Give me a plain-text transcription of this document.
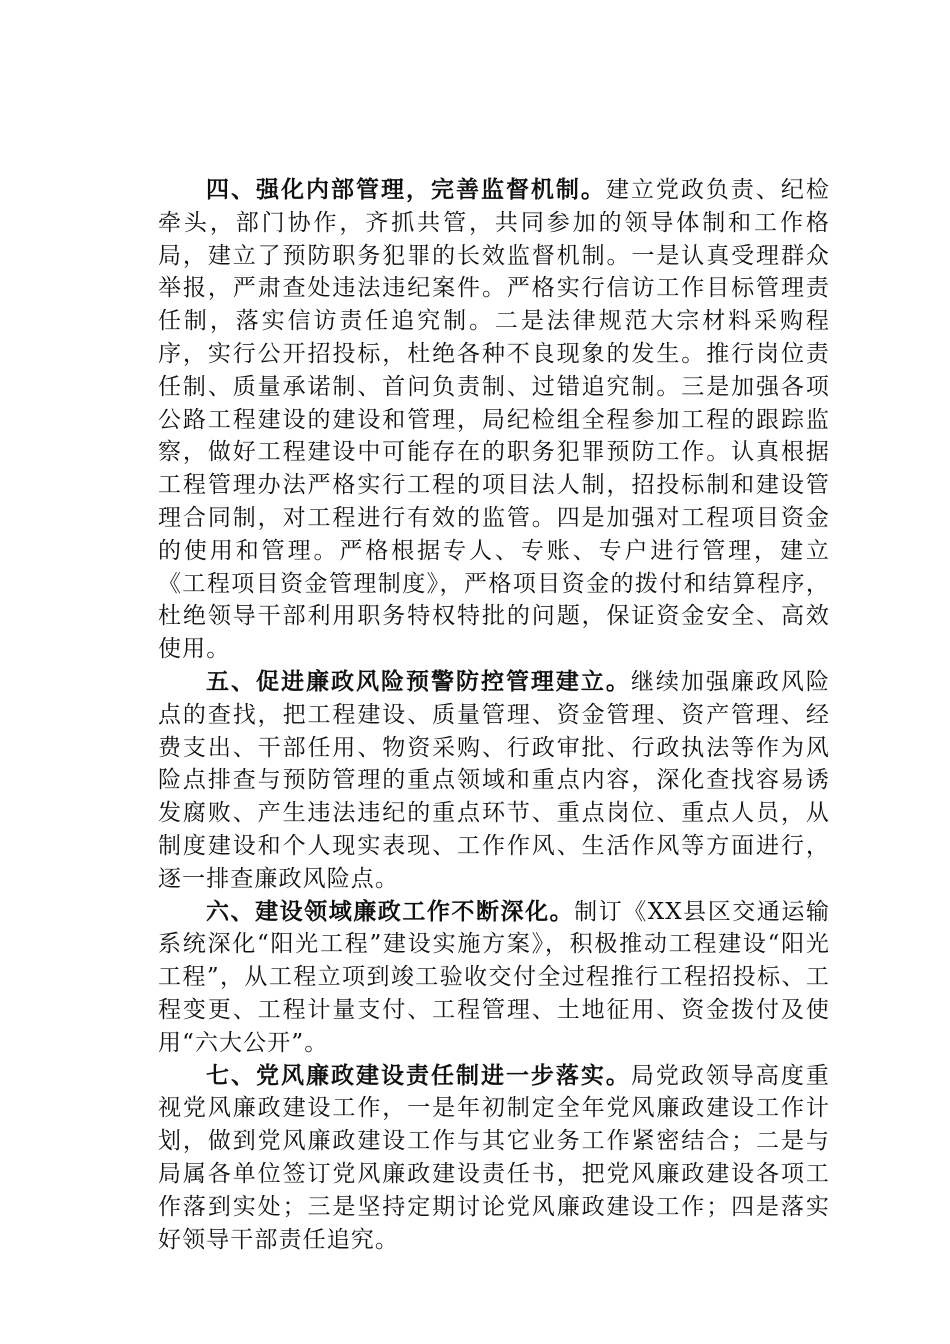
四、强化内部管理，完善监督机制。建立党政负责、纪检牵头，部门协作，齐抓共管，共同参加的领导体制和工作格局，建立了预防职务犯罪的长效监督机制。一是认真受理群众举报，严肃查处违法违纪案件。严格实行信访工作目标管理责任制，落实信访责任追究制。二是法律规范大宗材料采购程序，实行公开招投标，杜绝各种不良现象的发生。推行岗位责任制、质量承诺制、首问负责制、过错追究制。三是加强各项公路工程建设的建设和管理，局纪检组全程参加工程的跟踪监察，做好工程建设中可能存在的职务犯罪预防工作。认真根据工程管理办法严格实行工程的项目法人制，招投标制和建设管理合同制，对工程进行有效的监管。四是加强对工程项目资金的使用和管理。严格根据专人、专账、专户进行管理，建立《工程项目资金管理制度》，严格项目资金的拨付和结算程序，杜绝领导干部利用职务特权特批的问题，保证资金安全、高效使用。

五、促进廉政风险预警防控管理建立。继续加强廉政风险点的查找，把工程建设、质量管理、资金管理、资产管理、经费支出、干部任用、物资采购、行政审批、行政执法等作为风险点排查与预防管理的重点领域和重点内容，深化查找容易诱发腐败、产生违法违纪的重点环节、重点岗位、重点人员，从制度建设和个人现实表现、工作作风、生活作风等方面进行，逐一排查廉政风险点。

六、建设领域廉政工作不断深化。制订《XX县区交通运输系统深化“阳光工程”建设实施方案》，积极推动工程建设“阳光工程”，从工程立项到竣工验收交付全过程推行工程招投标、工程变更、工程计量支付、工程管理、土地征用、资金拨付及使用“六大公开”。

七、党风廉政建设责任制进一步落实。局党政领导高度重视党风廉政建设工作，一是年初制定全年党风廉政建设工作计划，做到党风廉政建设工作与其它业务工作紧密结合；二是与局属各单位签订党风廉政建设责任书，把党风廉政建设各项工作落到实处；三是坚持定期讨论党风廉政建设工作；四是落实好领导干部责任追究。
